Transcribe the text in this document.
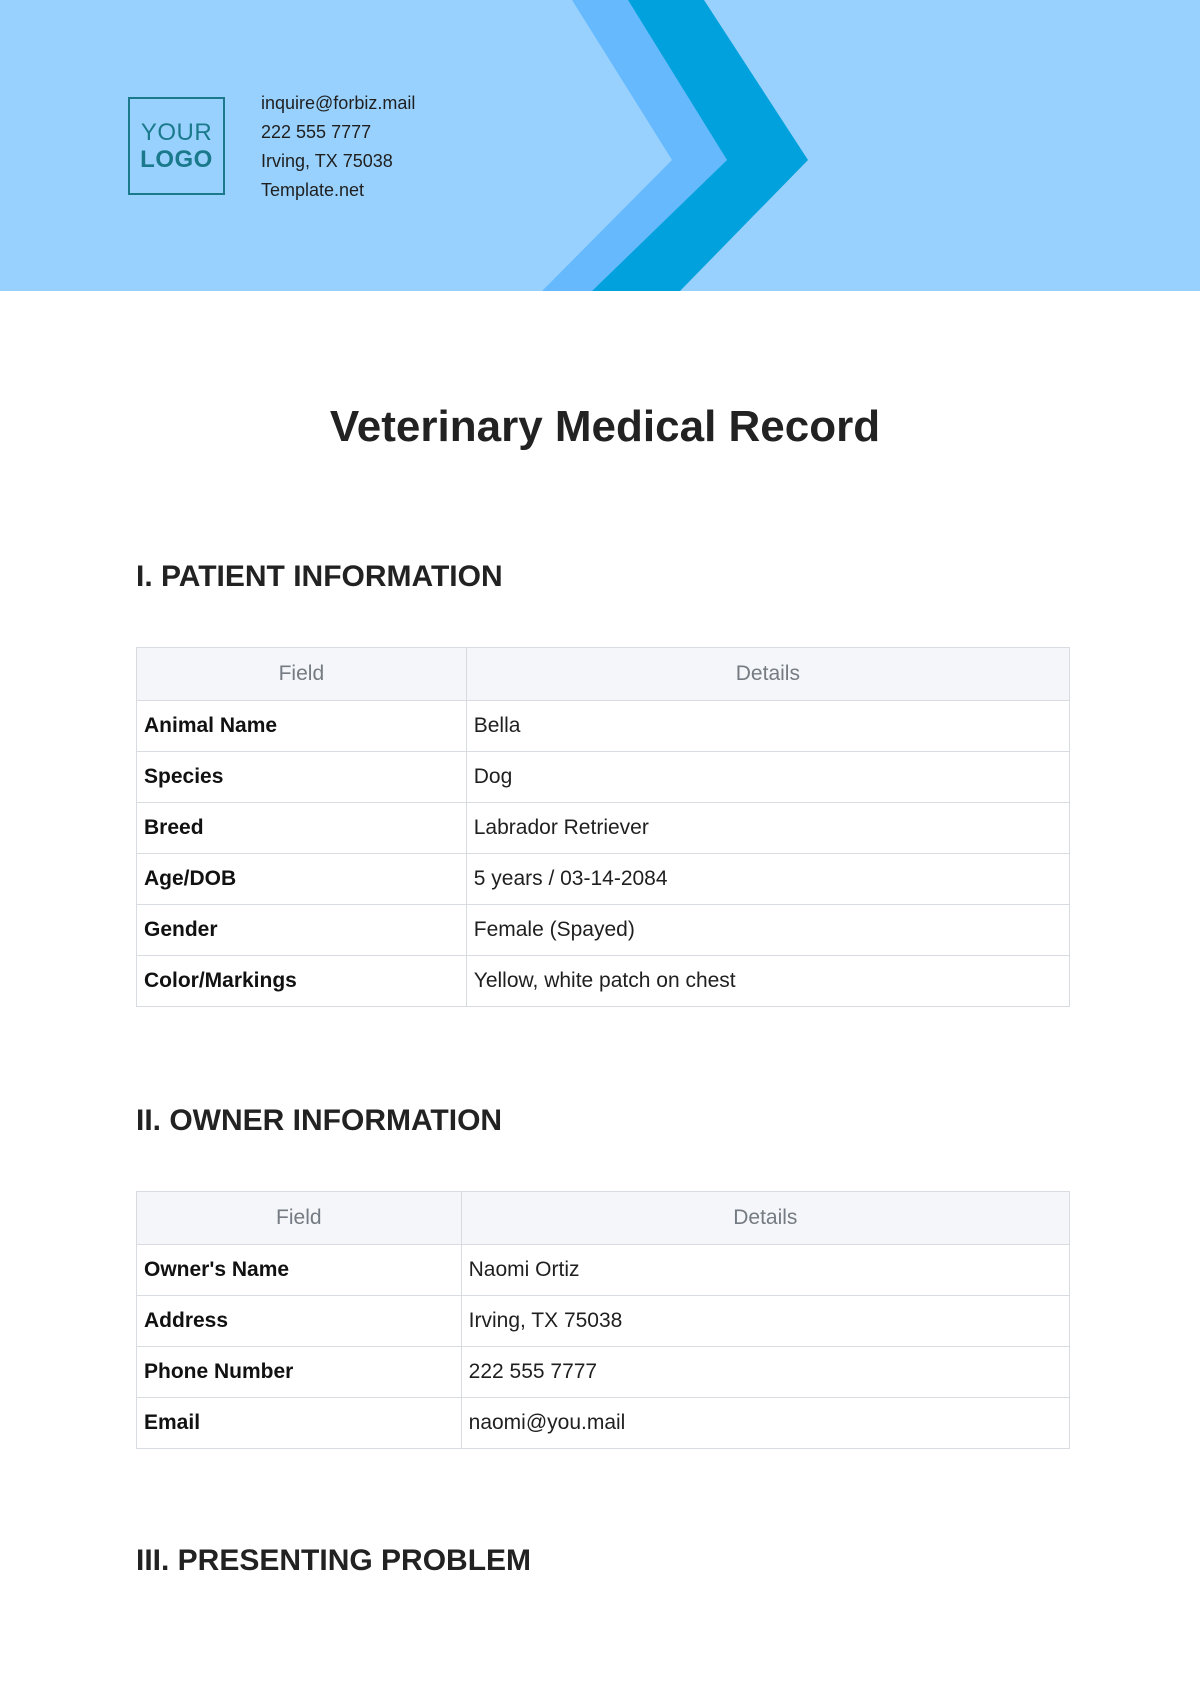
YOUR
LOGO
inquire@forbiz.mail
222 555 7777
Irving, TX 75038
Template.net
Veterinary Medical Record
I. PATIENT INFORMATION
Field	Details
Animal Name	Bella
Species	Dog
Breed	Labrador Retriever
Age/DOB	5 years / 03-14-2084
Gender	Female (Spayed)
Color/Markings	Yellow, white patch on chest
II. OWNER INFORMATION
Field	Details
Owner's Name	Naomi Ortiz
Address	Irving, TX 75038
Phone Number	222 555 7777
Email	naomi@you.mail
III. PRESENTING PROBLEM
